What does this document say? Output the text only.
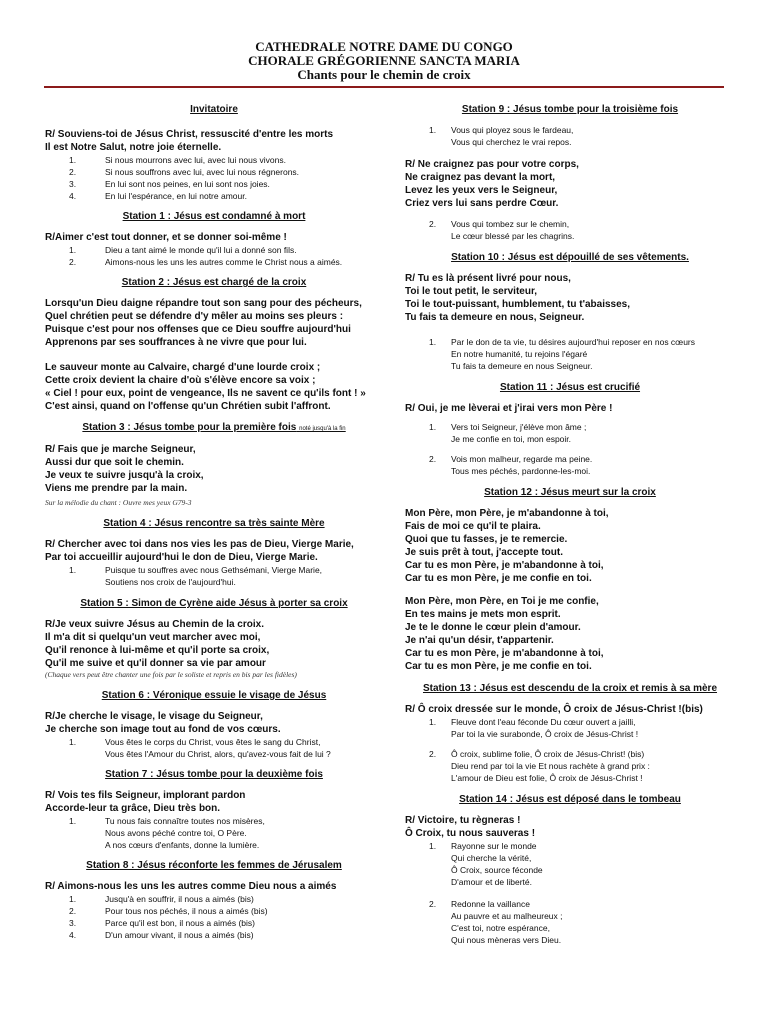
CATHEDRALE NOTRE DAME DU CONGO
CHORALE GRÉGORIENNE SANCTA MARIA
Chants pour le chemin de croix
Invitatoire
R/ Souviens-toi de Jésus Christ, ressuscité d'entre les morts
Il est Notre Salut, notre joie éternelle.
1.	Si nous mourrons avec lui, avec lui nous vivons.
2.	Si nous souffrons avec lui, avec lui nous régnerons.
3.	En lui sont nos peines, en lui sont nos joies.
4.	En lui l'espérance, en lui notre amour.
Station 1 : Jésus est condamné à mort
R/Aimer c'est tout donner, et se donner soi-même !
1.	Dieu a tant aimé le monde qu'il lui a donné son fils.
2.	Aimons-nous les uns les autres comme le Christ nous a aimés.
Station 2 : Jésus est chargé de la croix
Lorsqu'un Dieu daigne répandre tout son sang pour des pécheurs,
Quel chrétien peut se défendre d'y mêler au moins ses pleurs :
Puisque c'est pour nos offenses que ce Dieu souffre aujourd'hui
Apprenons par ses souffrances à ne vivre que pour lui.
Le sauveur monte au Calvaire, chargé d'une lourde croix ;
Cette croix devient la chaire d'où s'élève encore sa voix ;
« Ciel ! pour eux, point de vengeance, Ils ne savent ce qu'ils font ! »
C'est ainsi, quand on l'offense qu'un Chrétien subit l'affront.
Station 3 : Jésus tombe pour la première fois noté jusqu'à la fin
R/ Fais que je marche Seigneur,
Aussi dur que soit le chemin.
Je veux te suivre jusqu'à la croix,
Viens me prendre par la main.
Sur la mélodie du chant : Ouvre mes yeux G79-3
Station 4 : Jésus rencontre sa très sainte Mère
R/ Chercher avec toi dans nos vies les pas de Dieu, Vierge Marie,
Par toi accueillir aujourd'hui le don de Dieu, Vierge Marie.
1.	Puisque tu souffres avec nous Gethsémani, Vierge Marie,
Soutiens nos croix de l'aujourd'hui.
Station 5 : Simon de Cyrène aide Jésus à porter sa croix
R/Je veux suivre Jésus au Chemin de la croix.
Il m'a dit si quelqu'un veut marcher avec moi,
Qu'il renonce à lui-même et qu'il porte sa croix,
Qu'il me suive et qu'il donner sa vie par amour
(Chaque vers peut être chanter une fois par le soliste et repris en bis par les fidèles)
Station 6 : Véronique essuie le visage de Jésus
R/Je cherche le visage, le visage du Seigneur,
Je cherche son image tout au fond de vos cœurs.
1.	Vous êtes le corps du Christ, vous êtes le sang du Christ,
Vous êtes l'Amour du Christ, alors, qu'avez-vous fait de lui ?
Station 7 : Jésus tombe pour la deuxième fois
R/ Vois tes fils Seigneur, implorant pardon
Accorde-leur ta grâce, Dieu très bon.
1.	Tu nous fais connaître toutes nos misères,
Nous avons péché contre toi, O Père.
A nos cœurs d'enfants, donne la lumière.
Station 8 : Jésus réconforte les femmes de Jérusalem
R/ Aimons-nous les uns les autres comme Dieu nous a aimés
1.	Jusqu'à en souffrir, il nous a aimés (bis)
2.	Pour tous nos péchés, il nous a aimés (bis)
3.	Parce qu'il est bon, il nous a aimés (bis)
4.	D'un amour vivant, il nous a aimés (bis)
Station 9 : Jésus tombe pour la troisième fois
1.	Vous qui ployez sous le fardeau,
Vous qui cherchez le vrai repos.
R/ Ne craignez pas pour votre corps,
Ne craignez pas devant la mort,
Levez les yeux vers le Seigneur,
Criez vers lui sans perdre Cœur.
2.	Vous qui tombez sur le chemin,
Le cœur blessé par les chagrins.
Station 10 : Jésus est dépouillé de ses vêtements.
R/ Tu es là présent livré pour nous,
Toi le tout petit, le serviteur,
Toi le tout-puissant, humblement, tu t'abaisses,
Tu fais ta demeure en nous, Seigneur.
1.	Par le don de ta vie, tu désires aujourd'hui reposer en nos cœurs
En notre humanité, tu rejoins l'égaré
Tu fais ta demeure en nous Seigneur.
Station 11 : Jésus est crucifié
R/ Oui, je me lèverai et j'irai vers mon Père !
1.	Vers toi Seigneur, j'élève mon âme ;
Je me confie en toi, mon espoir.
2.	Vois mon malheur, regarde ma peine.
Tous mes péchés, pardonne-les-moi.
Station 12 : Jésus meurt sur la croix
Mon Père, mon Père, je m'abandonne à toi,
Fais de moi ce qu'il te plaira.
Quoi que tu fasses, je te remercie.
Je suis prêt à tout, j'accepte tout.
Car tu es mon Père, je m'abandonne à toi,
Car tu es mon Père, je me confie en toi.
Mon Père, mon Père, en Toi je me confie,
En tes mains je mets mon esprit.
Je te le donne le cœur plein d'amour.
Je n'ai qu'un désir, t'appartenir.
Car tu es mon Père, je m'abandonne à toi,
Car tu es mon Père, je me confie en toi.
Station 13 : Jésus est descendu de la croix et remis à sa mère
R/ Ô croix dressée sur le monde, Ô croix de Jésus-Christ !(bis)
1.	Fleuve dont l'eau féconde Du cœur ouvert a jailli,
Par toi la vie surabonde, Ô croix de Jésus-Christ !
2.	Ô croix, sublime folie, Ô croix de Jésus-Christ! (bis)
Dieu rend par toi la vie Et nous rachète à grand prix :
L'amour de Dieu est folie, Ô croix de Jésus-Christ !
Station 14 : Jésus est déposé dans le tombeau
R/ Victoire, tu règneras !
Ô Croix, tu nous sauveras !
1.	Rayonne sur le monde
Qui cherche la vérité,
Ô Croix, source féconde
D'amour et de liberté.
2.	Redonne la vaillance
Au pauvre et au malheureux ;
C'est toi, notre espérance,
Qui nous mèneras vers Dieu.
